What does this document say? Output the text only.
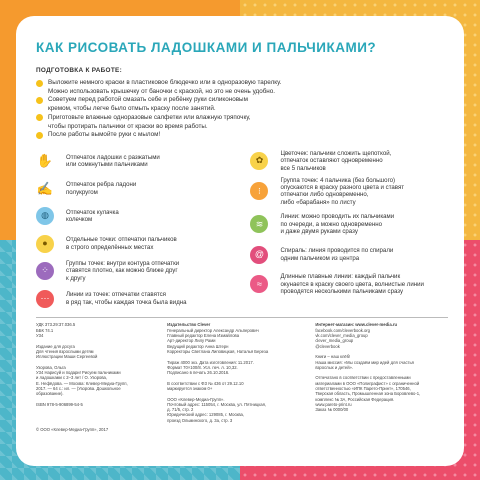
КАК РИСОВАТЬ ЛАДОШКАМИ И ПАЛЬЧИКАМИ?
ПОДГОТОВКА К РАБОТЕ:
Выложите немного краски в пластиковое блюдечко или в одноразовую тарелку.
Можно использовать крышечку от баночки с краской, но это не очень удобно.
Советуем перед работой смазать себе и ребёнку руки силиконовым
кремом, чтобы легче было отмыть краску после занятий.
Приготовьте влажные одноразовые салфетки или влажную тряпочку,
чтобы протирать пальчики от краски во время работы.
После работы вымойте руки с мылом!
✋ Отпечаток ладошки с разжатыми
или сомкнутыми пальчиками
✍ Отпечаток ребра ладони
полукругом
◍	Отпечаток кулачка
колечком
●	Отдельные точки: отпечатки пальчиков
в строго определённых местах
⁘
Группы точек: внутри контура отпечатки
ставятся плотно, как можно ближе друг
к другу
⋯	Линии из точек: отпечатки ставятся
в ряд так, чтобы каждая точка была видна
✿
Цветочек: пальчики сложить щепоткой,
отпечаток оставляют одновременно
все 5 пальчиков
⁝
Группа точек: 4 пальчика (без большого)
опускаются в краску разного цвета и ставят
отпечатки либо одновременно,
либо «барабаня» по листу
≋
Линии: можно проводить их пальчиками
по очереди, а можно одновременно
и даже двумя руками сразу
@	Спираль: линия проводится по спирали
одним пальчиком из центра
≈
Длинные плавные линии: каждый пальчик
окунается в краску своего цвета, волнистые линии
проводятся несколькими пальчиками сразу
УДК 373.29:37.036.5
ББК 74.1
У34

Издание для досуга
Для чтения взрослыми детям
Иллюстрации Маши Сергеевой

Узорова, Ольга
У34 Нарисуй и подари! Рисуем пальчиками
и ладошками с 2–3 лет / О. Узорова,
Е. Нефёдова. — Москва: Клевер-Медиа-Групп,
2017. — 64 с.: ил. — (Узорова. Дошкольное
образование).

ISBN 978-5-906899-54-5
Издательство Clever
Генеральный директор Александр Альперович
Главный редактор Елена Измайлова
Арт-директор Лилу Рами
Ведущий редактор Анна Штерн
Корректоры Светлана Липовицкая, Наталья Береза

Тираж 4000 экз. Дата изготовления: 11.2017.
Формат 70×100/8. Усл. печ. л. 10,32.
Подписано в печать 26.10.2016.

В соответствии с ФЗ № 436 от 29.12.10
маркируется знаком 0+

ООО «Клевер-Медиа-Групп».
Почтовый адрес: 115054, г. Москва, ул. Пятницкая,
д. 71/5, стр. 2
Юридический адрес: 129085, г. Москва,
проезд Ольминского, д. 3а, стр. 3
Интернет-магазин: www.clever-media.ru
facebook.com/cleverbook.org
vk.com/clever_media_group
clever_media_group
@cleverbook

Книги – наш клёб!
Наша миссия: «Мы создаём мир идей для счастья
взрослых и детей».

Отпечатано в соответствии с предоставленными
материалами в ООО «Полиграфист» с ограниченной
ответственностью «ИПК Парето-Принт», 170546,
Тверская область, Промышленная зона Боровлево-1,
комплекс № 3А, Российская Федерация.
www.pareto-print.ru
Заказ № 0000/00
© ООО «Клевер-Медиа-Групп», 2017
